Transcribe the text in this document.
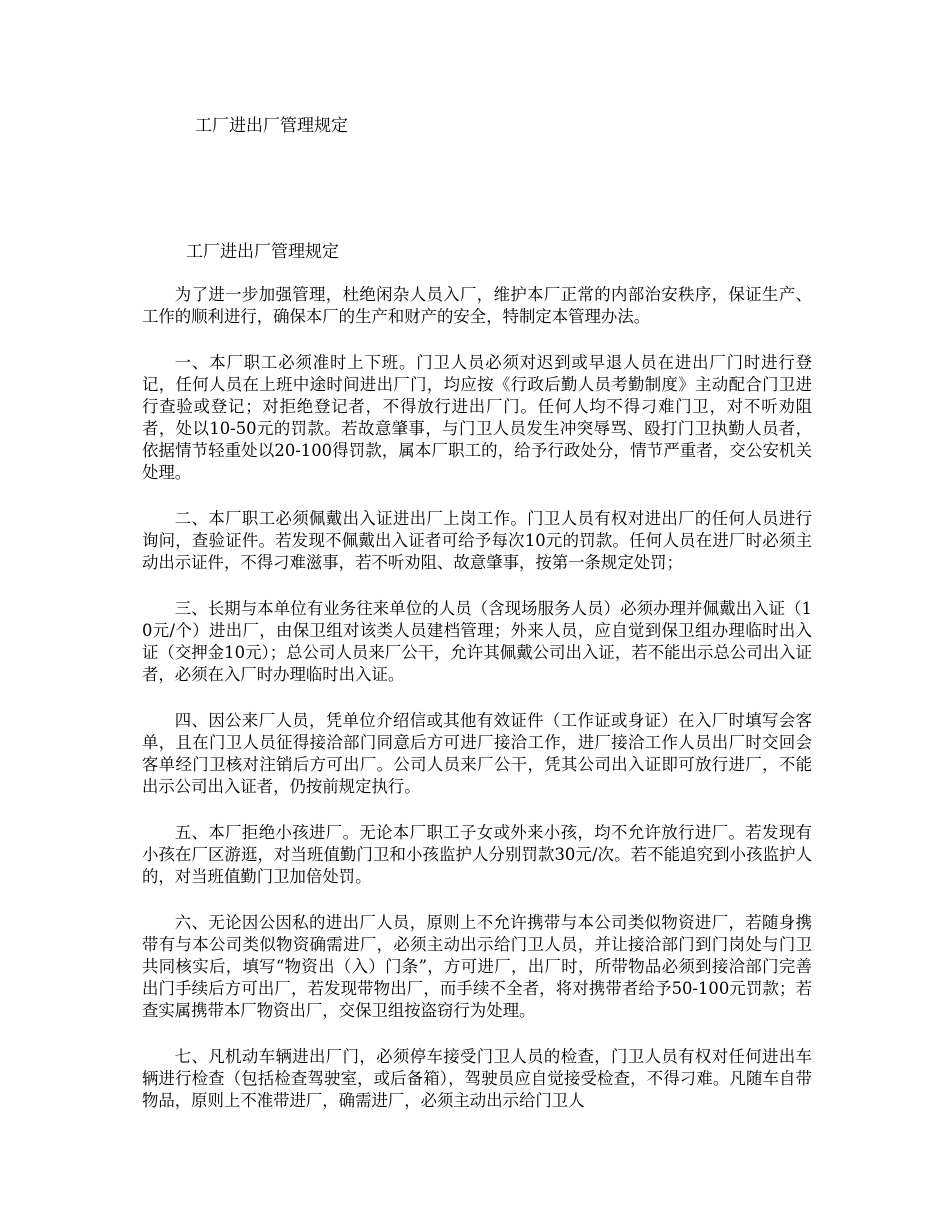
工厂进出厂管理规定
工厂进出厂管理规定

为了进一步加强管理，杜绝闲杂人员入厂，维护本厂正常的内部治安秩序，保证生产、工作的顺利进行，确保本厂的生产和财产的安全，特制定本管理办法。

一、本厂职工必须准时上下班。门卫人员必须对迟到或早退人员在进出厂门时进行登记，任何人员在上班中途时间进出厂门，均应按《行政后勤人员考勤制度》主动配合门卫进行查验或登记；对拒绝登记者，不得放行进出厂门。任何人均不得刁难门卫，对不听劝阻者，处以10-50元的罚款。若故意肇事，与门卫人员发生冲突辱骂、殴打门卫执勤人员者，依据情节轻重处以20-100得罚款，属本厂职工的，给予行政处分，情节严重者，交公安机关处理。

二、本厂职工必须佩戴出入证进出厂上岗工作。门卫人员有权对进出厂的任何人员进行询问，查验证件。若发现不佩戴出入证者可给予每次10元的罚款。任何人员在进厂时必须主动出示证件，不得刁难滋事，若不听劝阻、故意肇事，按第一条规定处罚；

三、长期与本单位有业务往来单位的人员（含现场服务人员）必须办理并佩戴出入证（10元/个）进出厂，由保卫组对该类人员建档管理；外来人员，应自觉到保卫组办理临时出入证（交押金10元）；总公司人员来厂公干，允许其佩戴公司出入证，若不能出示总公司出入证者，必须在入厂时办理临时出入证。

四、因公来厂人员，凭单位介绍信或其他有效证件（工作证或身证）在入厂时填写会客单，且在门卫人员征得接洽部门同意后方可进厂接洽工作，进厂接洽工作人员出厂时交回会客单经门卫核对注销后方可出厂。公司人员来厂公干，凭其公司出入证即可放行进厂，不能出示公司出入证者，仍按前规定执行。

五、本厂拒绝小孩进厂。无论本厂职工子女或外来小孩，均不允许放行进厂。若发现有小孩在厂区游逛，对当班值勤门卫和小孩监护人分别罚款30元/次。若不能追究到小孩监护人的，对当班值勤门卫加倍处罚。

六、无论因公因私的进出厂人员，原则上不允许携带与本公司类似物资进厂，若随身携带有与本公司类似物资确需进厂，必须主动出示给门卫人员，并让接洽部门到门岗处与门卫共同核实后，填写“物资出（入）门条”，方可进厂，出厂时，所带物品必须到接洽部门完善出门手续后方可出厂，若发现带物出厂，而手续不全者，将对携带者给予50-100元罚款；若查实属携带本厂物资出厂，交保卫组按盗窃行为处理。

七、凡机动车辆进出厂门，必须停车接受门卫人员的检查，门卫人员有权对任何进出车辆进行检查（包括检查驾驶室，或后备箱），驾驶员应自觉接受检查，不得刁难。凡随车自带物品，原则上不准带进厂，确需进厂，必须主动出示给门卫人
